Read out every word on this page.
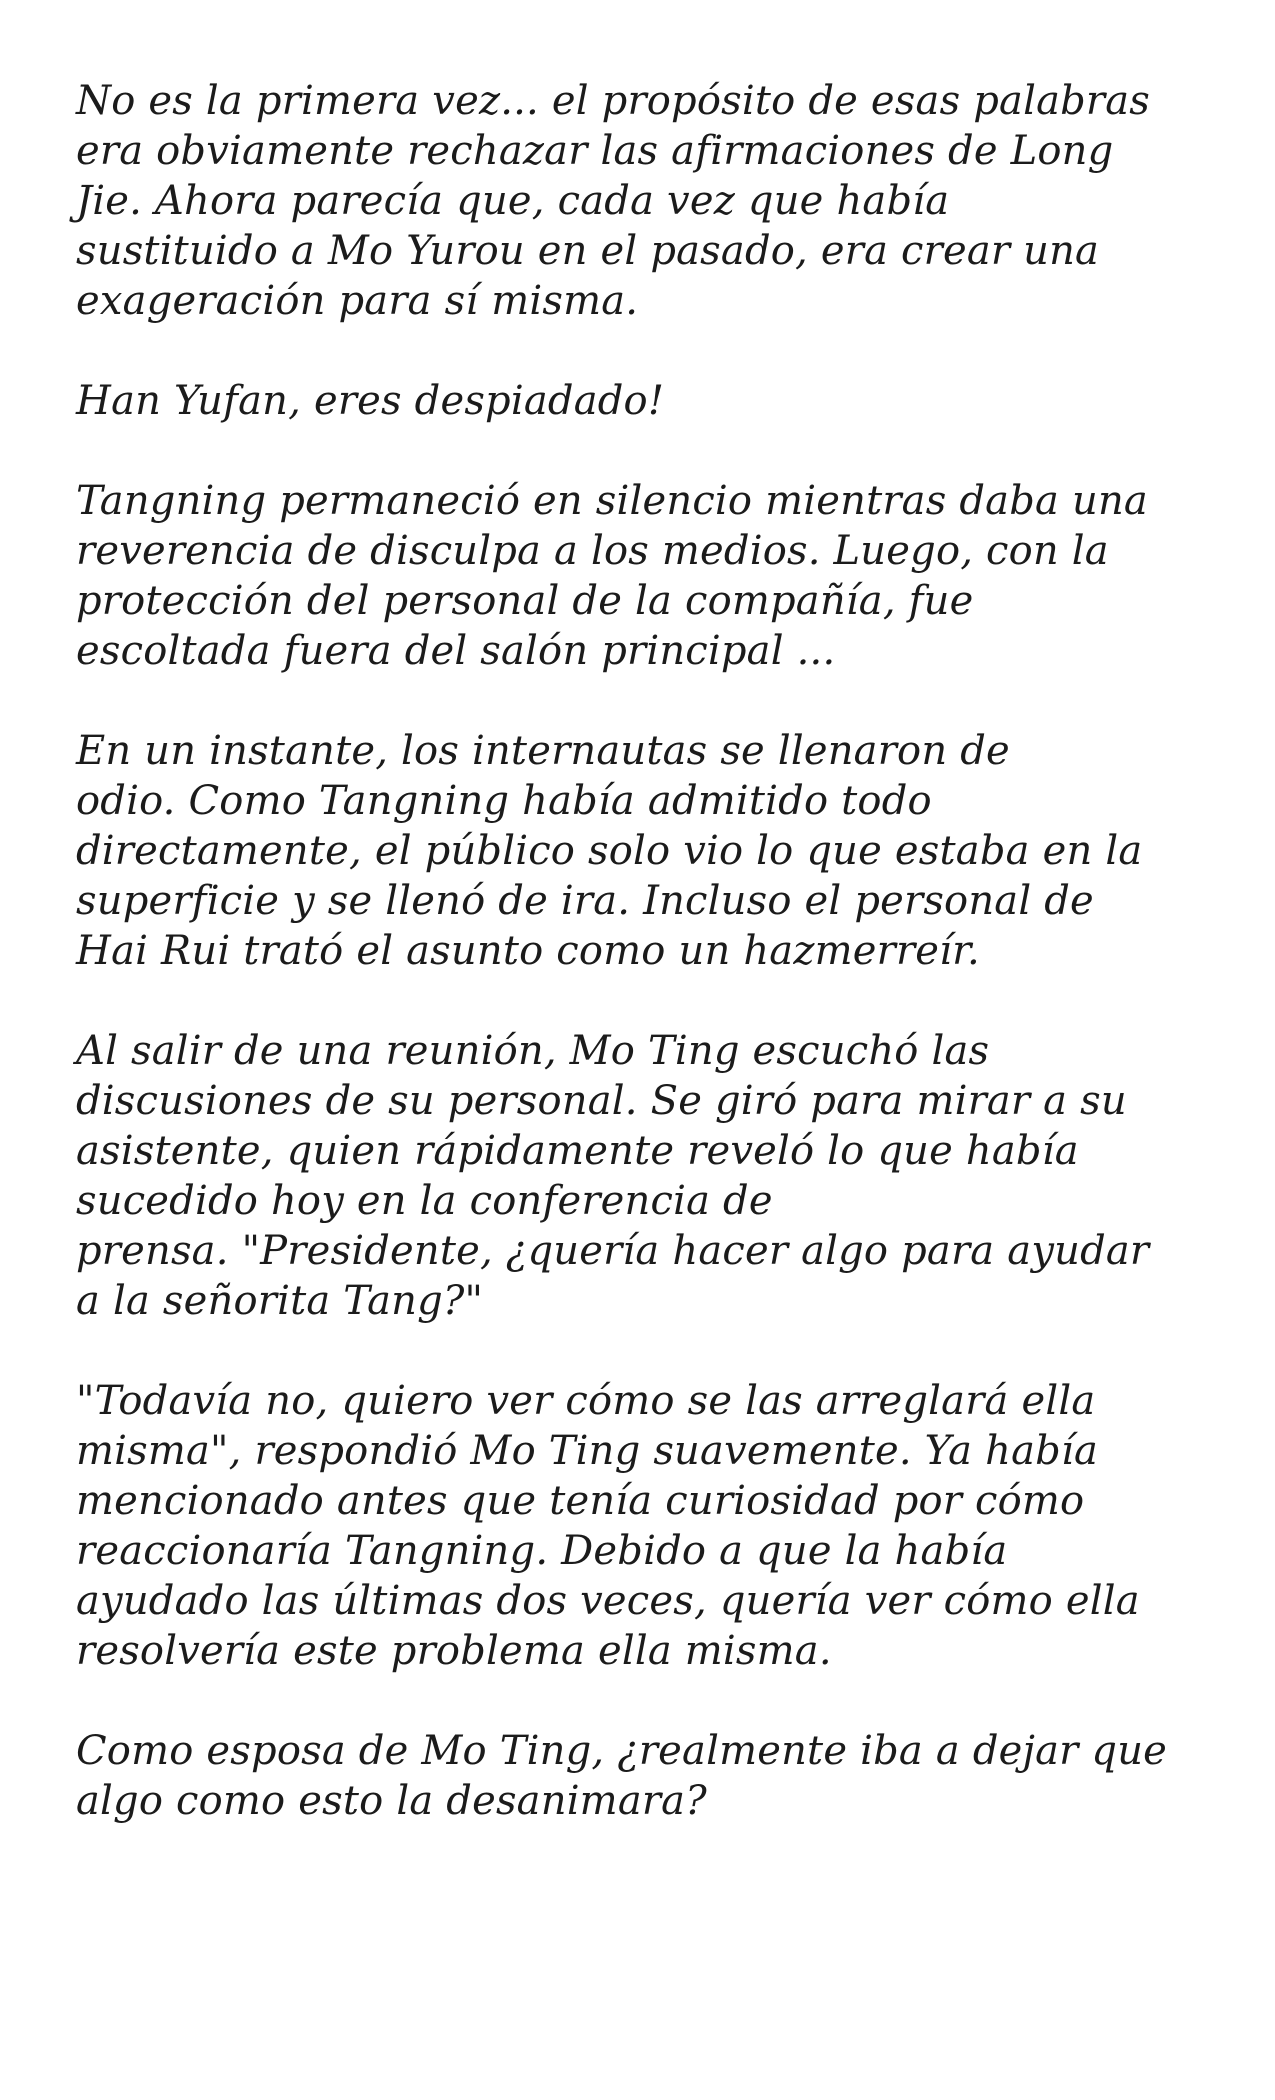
No es la primera vez... el propósito de esas palabras
era obviamente rechazar las afirmaciones de Long
Jie. Ahora parecía que, cada vez que había
sustituido a Mo Yurou en el pasado, era crear una
exageración para sí misma.

Han Yufan, eres despiadado!

Tangning permaneció en silencio mientras daba una
reverencia de disculpa a los medios. Luego, con la
protección del personal de la compañía, fue
escoltada fuera del salón principal ...

En un instante, los internautas se llenaron de
odio. Como Tangning había admitido todo
directamente, el público solo vio lo que estaba en la
superficie y se llenó de ira. Incluso el personal de
Hai Rui trató el asunto como un hazmerreír.

Al salir de una reunión, Mo Ting escuchó las
discusiones de su personal. Se giró para mirar a su
asistente, quien rápidamente reveló lo que había
sucedido hoy en la conferencia de
prensa. "Presidente, ¿quería hacer algo para ayudar
a la señorita Tang?"

"Todavía no, quiero ver cómo se las arreglará ella
misma", respondió Mo Ting suavemente. Ya había
mencionado antes que tenía curiosidad por cómo
reaccionaría Tangning. Debido a que la había
ayudado las últimas dos veces, quería ver cómo ella
resolvería este problema ella misma.

Como esposa de Mo Ting, ¿realmente iba a dejar que
algo como esto la desanimara?
